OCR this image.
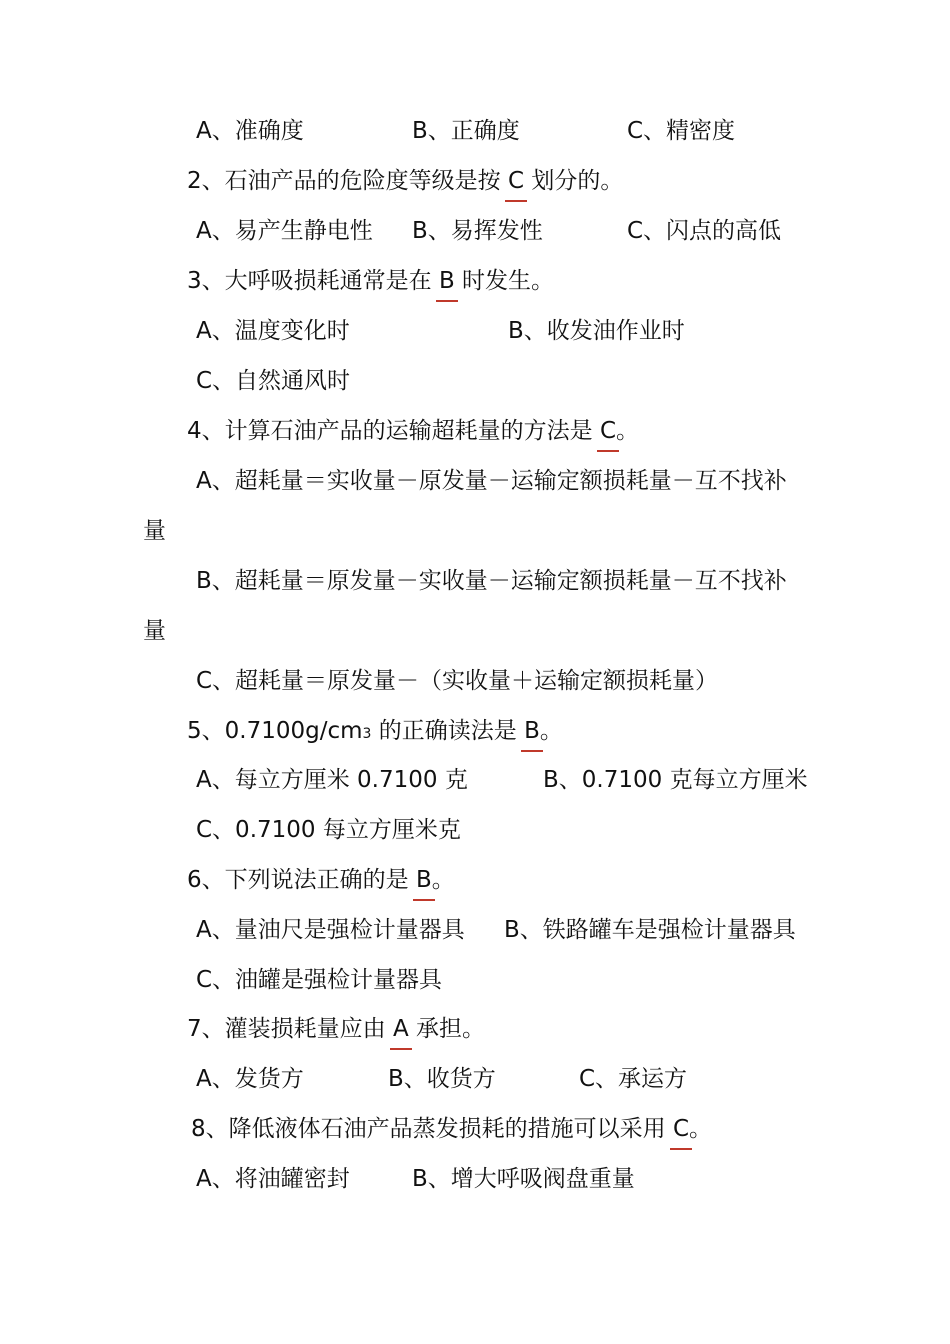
A、准确度	B、正确度	C、精密度
2、石油产品的危险度等级是按 C 划分的。
A、易产生静电性 B、易挥发性	C、闪点的高低
3、大呼吸损耗通常是在 B 时发生。
A、温度变化时	B、收发油作业时
C、自然通风时
4、计算石油产品的运输超耗量的方法是 C。
A、超耗量＝实收量－原发量－运输定额损耗量－互不找补
量
B、超耗量＝原发量－实收量－运输定额损耗量－互不找补
量
C、超耗量＝原发量－（实收量＋运输定额损耗量）
5、0.7100g/cm3 的正确读法是 B。
A、每立方厘米 0.7100 克	B、0.7100 克每立方厘米
C、0.7100 每立方厘米克
6、下列说法正确的是 B。
A、量油尺是强检计量器具 B、铁路罐车是强检计量器具
C、油罐是强检计量器具
7、灌装损耗量应由 A 承担。
A、发货方	B、收货方	C、承运方
8、降低液体石油产品蒸发损耗的措施可以采用 C。
A、将油罐密封	B、增大呼吸阀盘重量
